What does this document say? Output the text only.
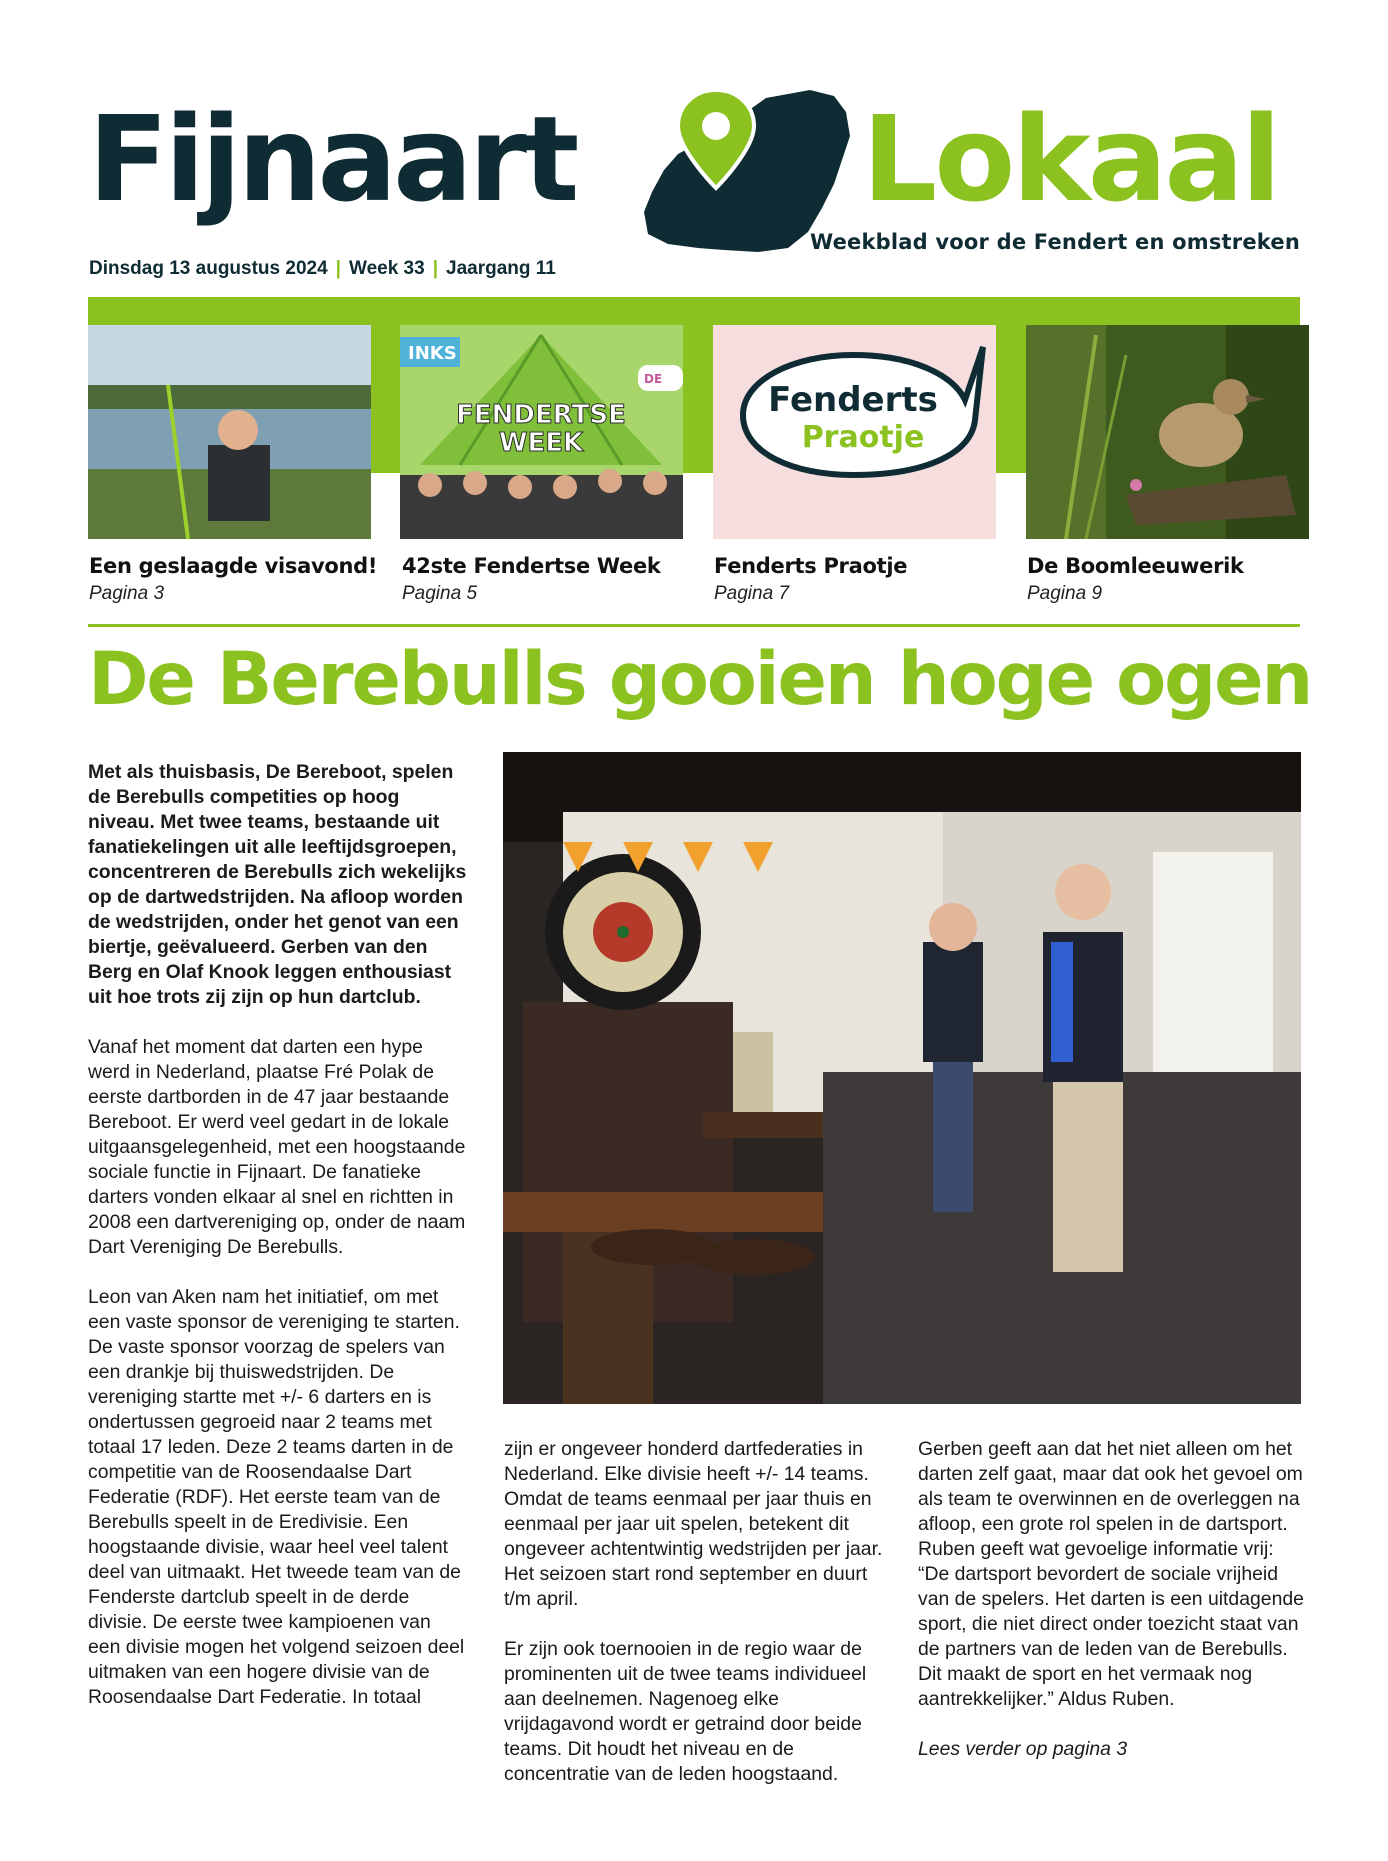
Fijnaart Lokaal
Weekblad voor de Fendert en omstreken
Dinsdag 13 augustus 2024 | Week 33 | Jaargang 11
Een geslaagde visavond!
Pagina 3
INKS
DE
FENDERTSE
WEEK
42ste Fendertse Week
Pagina 5
Fenderts
Praotje
Fenderts Praotje
Pagina 7
De Boomleeuwerik
Pagina 9
De Berebulls gooien hoge ogen

Met als thuisbasis, De Bereboot, spelen de Berebulls competities op hoog niveau. Met twee teams, bestaande uit fanatiekelingen uit alle leeftijdsgroepen, concentreren de Berebulls zich wekelijks op de dartwedstrijden. Na afloop worden de wedstrijden, onder het genot van een biertje, geëvalueerd. Gerben van den Berg en Olaf Knook leggen enthousiast uit hoe trots zij zijn op hun dartclub.

Vanaf het moment dat darten een hype werd in Nederland, plaatse Fré Polak de eerste dartborden in de 47 jaar bestaande Bereboot. Er werd veel gedart in de lokale uitgaansgelegenheid, met een hoogstaande sociale functie in Fijnaart. De fanatieke darters vonden elkaar al snel en richtten in 2008 een dartvereniging op, onder de naam Dart Vereniging De Berebulls.

Leon van Aken nam het initiatief, om met een vaste sponsor de vereniging te starten. De vaste sponsor voorzag de spelers van een drankje bij thuiswedstrijden. De vereniging startte met +/- 6 darters en is ondertussen gegroeid naar 2 teams met totaal 17 leden. Deze 2 teams darten in de competitie van de Roosendaalse Dart Federatie (RDF). Het eerste team van de Berebulls speelt in de Eredivisie. Een hoogstaande divisie, waar heel veel talent deel van uitmaakt. Het tweede team van de Fenderste dartclub speelt in de derde divisie. De eerste twee kampioenen van een divisie mogen het volgend seizoen deel uitmaken van een hogere divisie van de Roosendaalse Dart Federatie. In totaal

zijn er ongeveer honderd dartfederaties in Nederland. Elke divisie heeft +/- 14 teams. Omdat de teams eenmaal per jaar thuis en eenmaal per jaar uit spelen, betekent dit ongeveer achtentwintig wedstrijden per jaar. Het seizoen start rond september en duurt t/m april.

Er zijn ook toernooien in de regio waar de prominenten uit de twee teams individueel aan deelnemen. Nagenoeg elke vrijdagavond wordt er getraind door beide teams. Dit houdt het niveau en de concentratie van de leden hoogstaand.

Gerben geeft aan dat het niet alleen om het darten zelf gaat, maar dat ook het gevoel om als team te overwinnen en de overleggen na afloop, een grote rol spelen in de dartsport. Ruben geeft wat gevoelige informatie vrij: “De dartsport bevordert de sociale vrijheid van de spelers. Het darten is een uitdagende sport, die niet direct onder toezicht staat van de partners van de leden van de Berebulls. Dit maakt de sport en het vermaak nog aantrekkelijker.” Aldus Ruben.

Lees verder op pagina 3
